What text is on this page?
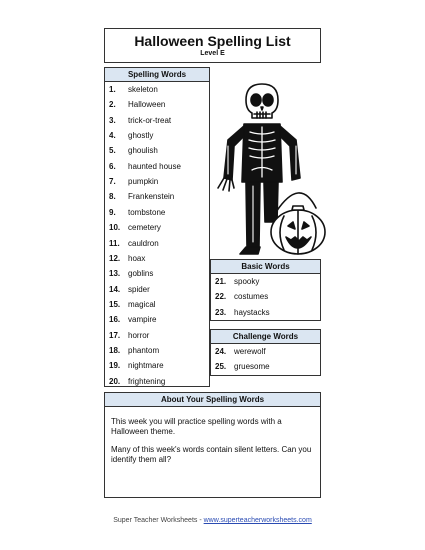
Halloween Spelling List
Level E
Spelling Words
1. skeleton
2. Halloween
3. trick-or-treat
4. ghostly
5. ghoulish
6. haunted house
7. pumpkin
8. Frankenstein
9. tombstone
10. cemetery
11. cauldron
12. hoax
13. goblins
14. spider
15. magical
16. vampire
17. horror
18. phantom
19. nightmare
20. frightening
Basic Words
21. spooky
22. costumes
23. haystacks
Challenge Words
24. werewolf
25. gruesome
About Your Spelling Words

This week you will practice spelling words with a Halloween theme.

Many of this week's words contain silent letters. Can you identify them all?

Super Teacher Worksheets - www.superteacherworksheets.com
